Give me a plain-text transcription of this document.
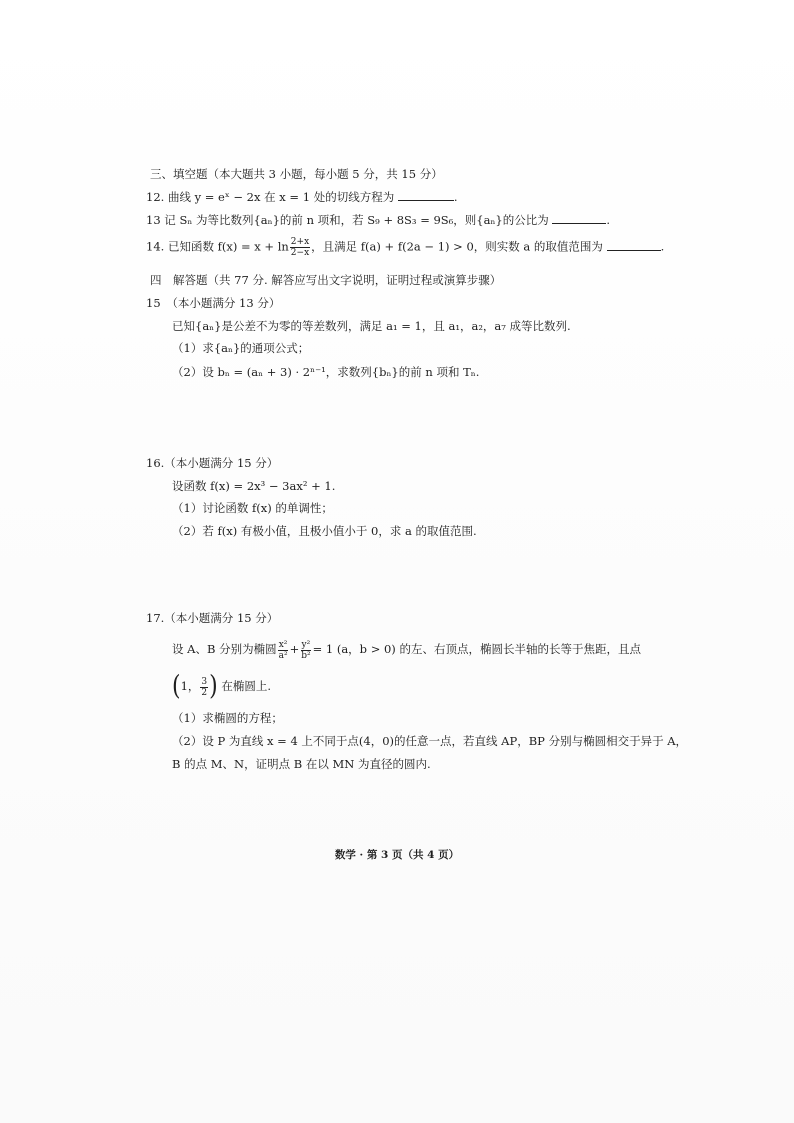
三、填空题（本大题共 3 小题，每小题 5 分，共 15 分）
12. 曲线 y = eˣ − 2x 在 x = 1 处的切线方程为	.
13 记 Sₙ 为等比数列{aₙ}的前 n 项和，若 S₉ + 8S₃ = 9S₆，则{aₙ}的公比为	.
14. 已知函数 $f(x) = x + \ln \frac{2+x}{2-x}$ ，且满足 f(a) + f(2a − 1) > 0，则实数 a 的取值范围为	.
四　解答题（共 77 分. 解答应写出文字说明，证明过程或演算步骤）
15　（本小题满分 13 分）
已知{aₙ}是公差不为零的等差数列，满足 a₁ = 1，且 a₁，a₂，a₇ 成等比数列.
（1）求{aₙ}的通项公式；
（2）设 bₙ = (aₙ + 3) · 2ⁿ⁻¹，求数列{bₙ}的前 n 项和 Tₙ.
16.（本小题满分 15 分）
设函数 f(x) = 2x³ − 3ax² + 1.
（1）讨论函数 f(x) 的单调性；
（2）若 f(x) 有极小值，且极小值小于 0，求 a 的取值范围.
17.（本小题满分 15 分）
设 A、B 分别为椭圆 $\frac{\text{x²}}{\text{a²}} + \frac{\text{y²}}{\text{b²}} = 1$ (a，b > 0) 的左、右顶点，椭圆长半轴的长等于焦距，且点
(1， $\frac{3}{2}$ ) 在椭圆上.
（1）求椭圆的方程；
（2）设 P 为直线 x = 4 上不同于点(4，0)的任意一点，若直线 AP，BP 分别与椭圆相交于异于 A，
B 的点 M、N，证明点 B 在以 MN 为直径的圆内.
数学 · 第 3 页（共 4 页）
